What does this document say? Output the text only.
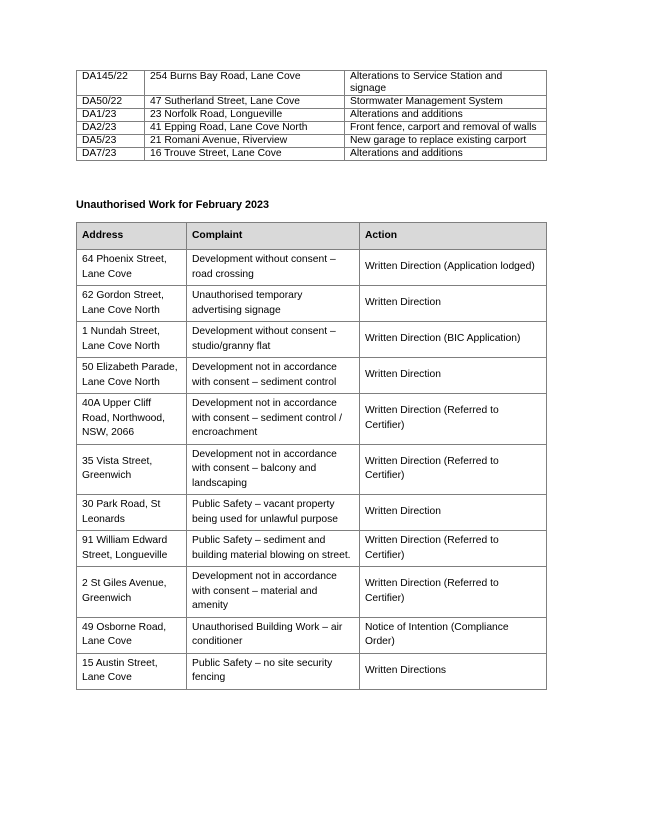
DA145/22	254 Burns Bay Road, Lane Cove	Alterations to Service Station and signage
DA50/22	47 Sutherland Street, Lane Cove	Stormwater Management System
DA1/23	23 Norfolk Road, Longueville	Alterations and additions
DA2/23	41 Epping Road, Lane Cove North	Front fence, carport and removal of walls
DA5/23	21 Romani Avenue, Riverview	New garage to replace existing carport
DA7/23	16 Trouve Street, Lane Cove	Alterations and additions
Unauthorised Work for February 2023
Address	Complaint	Action
64 Phoenix Street, Lane Cove	Development without consent – road crossing	Written Direction (Application lodged)
62 Gordon Street, Lane Cove North	Unauthorised temporary advertising signage	Written Direction
1 Nundah Street, Lane Cove North	Development without consent – studio/granny flat	Written Direction (BIC Application)
50 Elizabeth Parade, Lane Cove North	Development not in accordance with consent – sediment control	Written Direction
40A Upper Cliff Road, Northwood, NSW, 2066	Development not in accordance with consent – sediment control / encroachment	Written Direction (Referred to Certifier)
35 Vista Street, Greenwich	Development not in accordance with consent – balcony and landscaping	Written Direction (Referred to Certifier)
30 Park Road, St Leonards	Public Safety – vacant property being used for unlawful purpose	Written Direction
91 William Edward Street, Longueville	Public Safety – sediment and building material blowing on street.	Written Direction (Referred to Certifier)
2 St Giles Avenue, Greenwich	Development not in accordance with consent – material and amenity	Written Direction (Referred to Certifier)
49 Osborne Road, Lane Cove	Unauthorised Building Work – air conditioner	Notice of Intention (Compliance Order)
15 Austin Street, Lane Cove	Public Safety – no site security fencing	Written Directions
